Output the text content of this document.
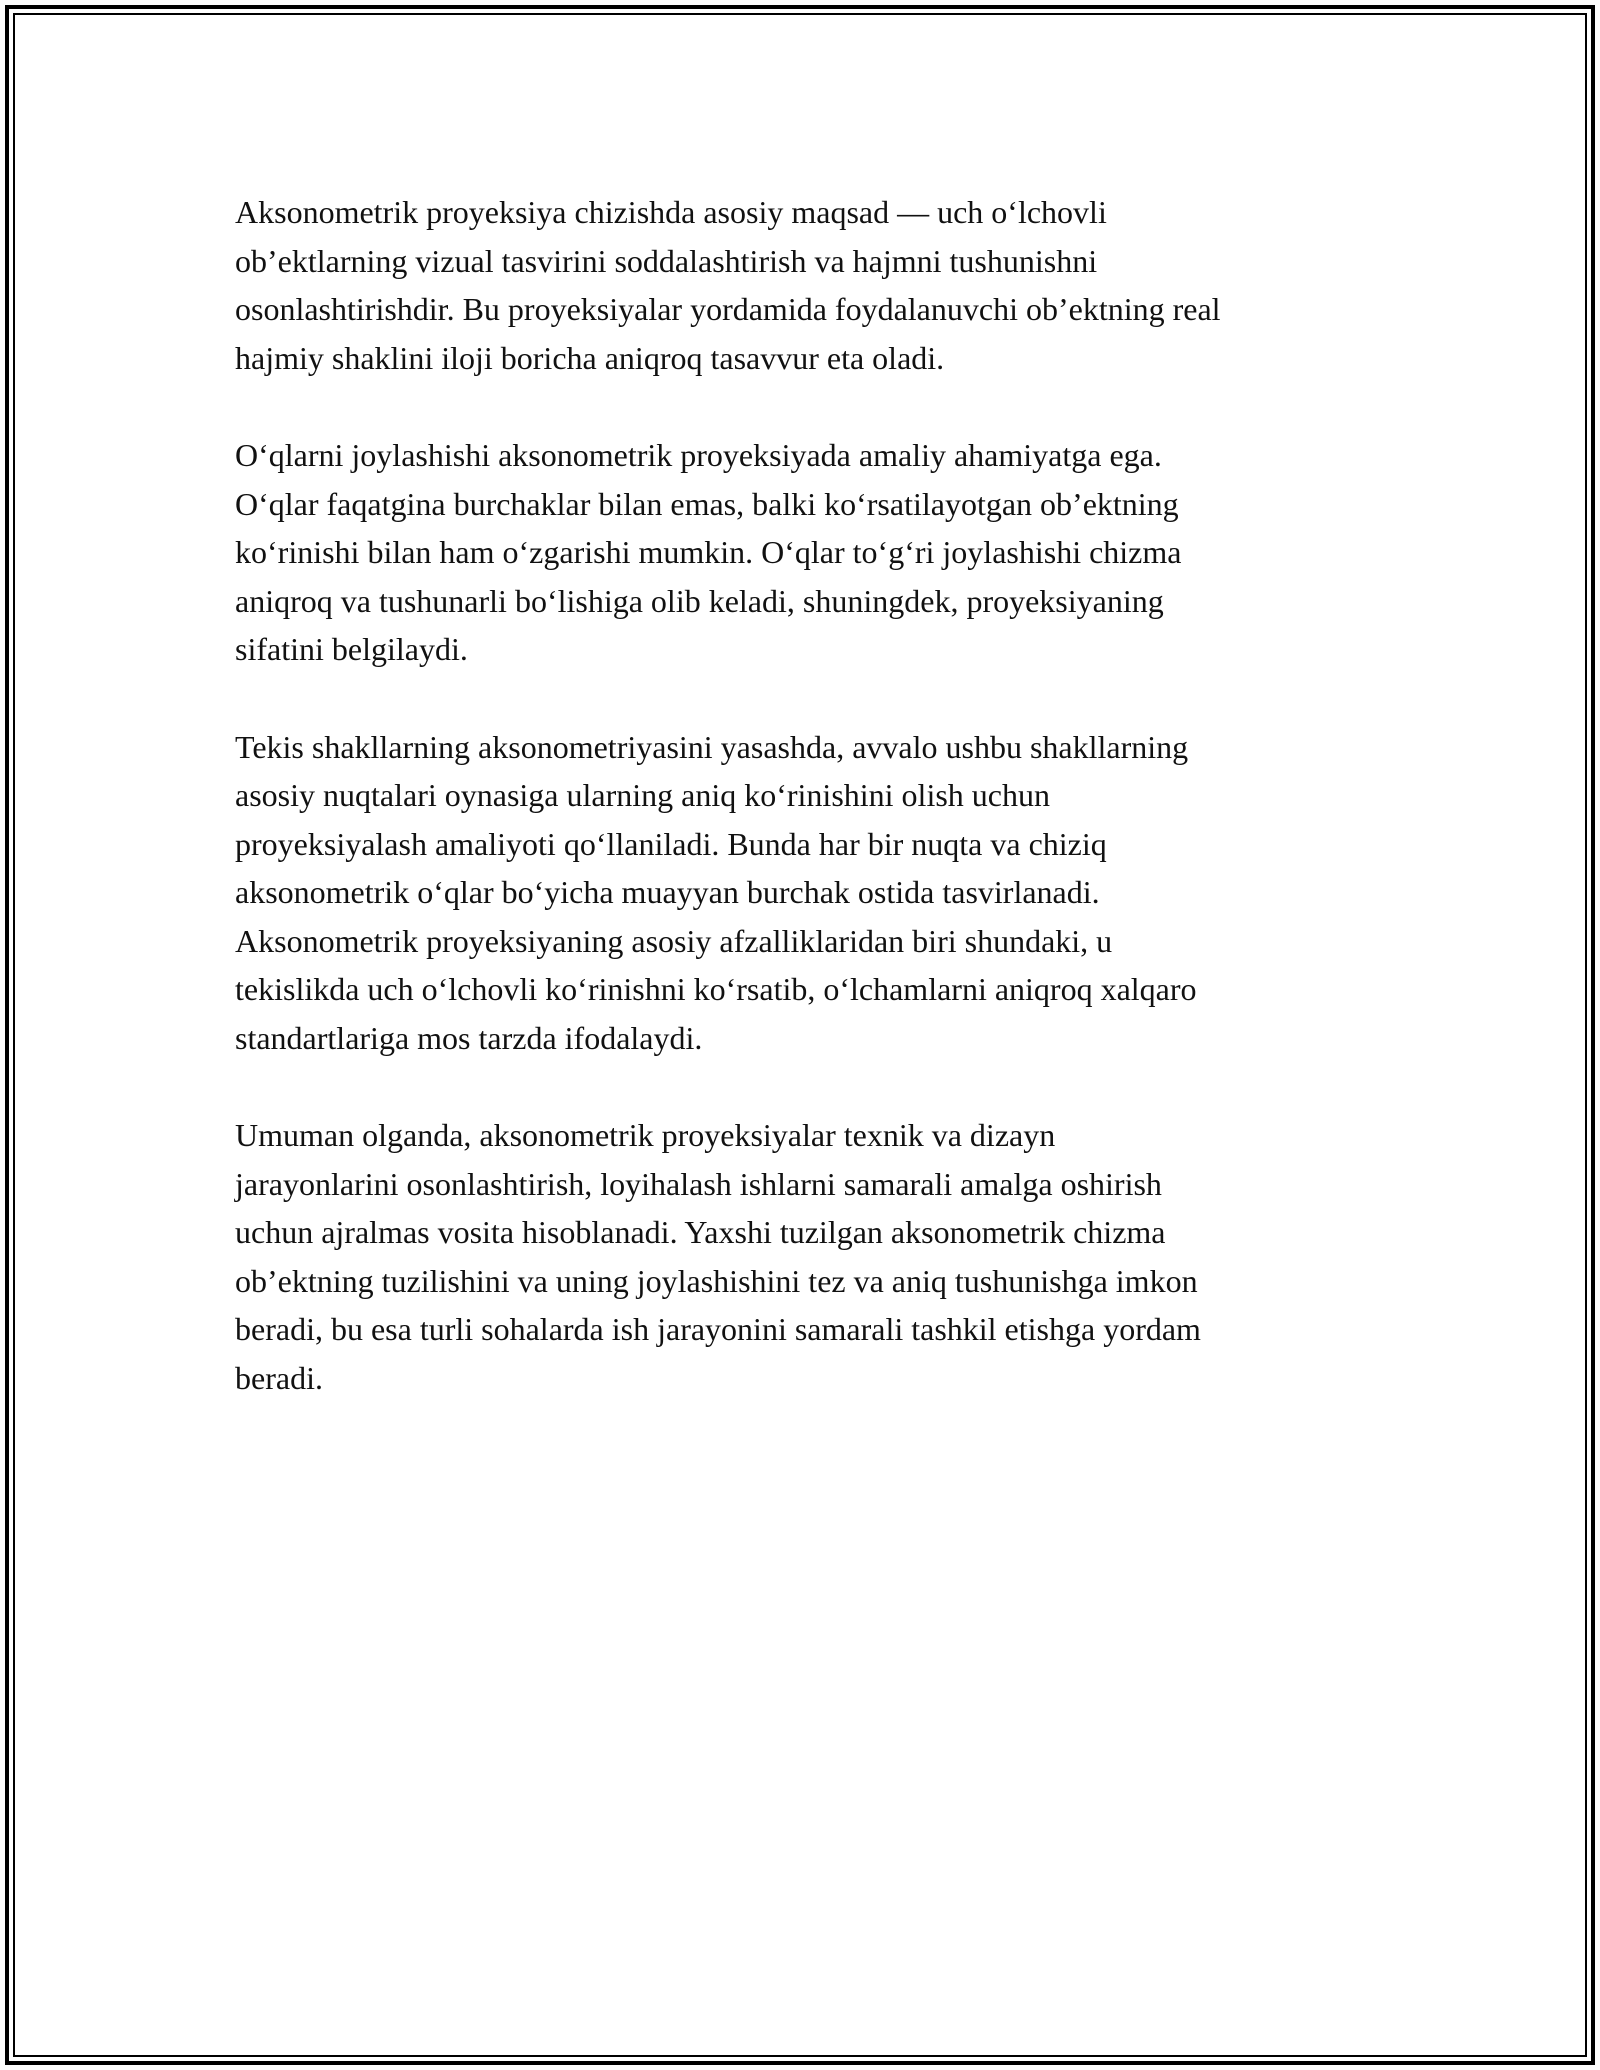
Aksonometrik proyeksiya chizishda asosiy maqsad — uch o‘lchovli
ob’ektlarning vizual tasvirini soddalashtirish va hajmni tushunishni
osonlashtirishdir. Bu proyeksiyalar yordamida foydalanuvchi ob’ektning real
hajmiy shaklini iloji boricha aniqroq tasavvur eta oladi.

O‘qlarni joylashishi aksonometrik proyeksiyada amaliy ahamiyatga ega.
O‘qlar faqatgina burchaklar bilan emas, balki ko‘rsatilayotgan ob’ektning
ko‘rinishi bilan ham o‘zgarishi mumkin. O‘qlar to‘g‘ri joylashishi chizma
aniqroq va tushunarli bo‘lishiga olib keladi, shuningdek, proyeksiyaning
sifatini belgilaydi.

Tekis shakllarning aksonometriyasini yasashda, avvalo ushbu shakllarning
asosiy nuqtalari oynasiga ularning aniq ko‘rinishini olish uchun
proyeksiyalash amaliyoti qo‘llaniladi. Bunda har bir nuqta va chiziq
aksonometrik o‘qlar bo‘yicha muayyan burchak ostida tasvirlanadi.
Aksonometrik proyeksiyaning asosiy afzalliklaridan biri shundaki, u
tekislikda uch o‘lchovli ko‘rinishni ko‘rsatib, o‘lchamlarni aniqroq xalqaro
standartlariga mos tarzda ifodalaydi.

Umuman olganda, aksonometrik proyeksiyalar texnik va dizayn
jarayonlarini osonlashtirish, loyihalash ishlarni samarali amalga oshirish
uchun ajralmas vosita hisoblanadi. Yaxshi tuzilgan aksonometrik chizma
ob’ektning tuzilishini va uning joylashishini tez va aniq tushunishga imkon
beradi, bu esa turli sohalarda ish jarayonini samarali tashkil etishga yordam
beradi.
